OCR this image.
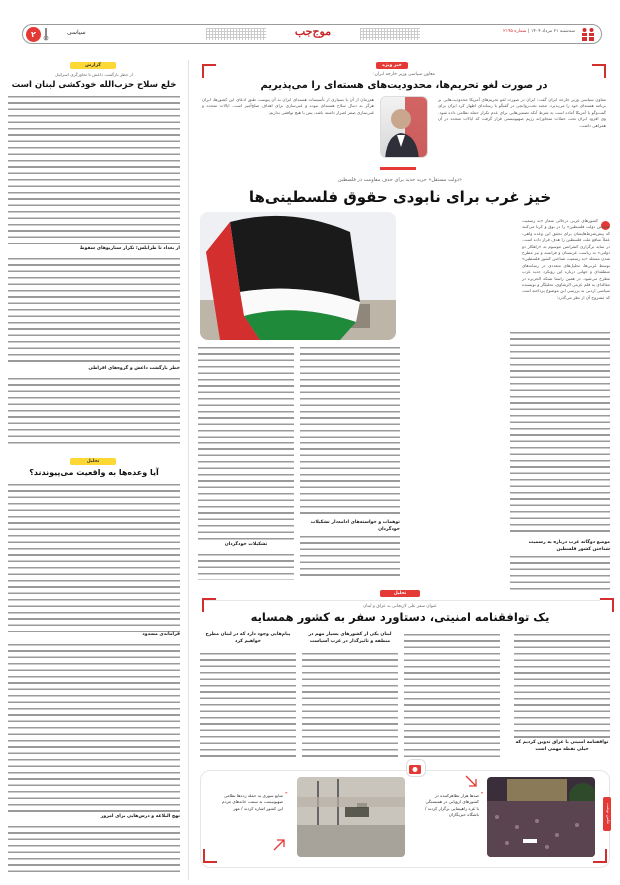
سه‌شنبه ۲۱ مرداد ۱۴۰۴ | شماره ۲۱۹۵
موج‌جب
سیاسی
۲
خبر ویژه
معاون سیاسی وزیر خارجه ایران:
در صورت لغو تحریم‌ها، محدودیت‌های هسته‌ای را می‌پذیریم
معاون سیاسی وزیر خارجه ایران گفت: ایران در صورت لغو تحریم‌های آمریکا محدودیت‌هایی بر برنامه هسته‌ای خود را می‌پذیرد. مجید تخت‌روانچی در گفتگو با رسانه‌ای اظهار کرد ایران برای گفت‌وگو با آمریکا آماده است به شرط آنکه تضمین‌هایی برای عدم تکرار حمله نظامی داده شود. وی افزود ایران تحت حملات متجاوزانه رژیم صهیونیستی قرار گرفت که ایالات متحده در آن همراهی داشت.
هم‌زمان از آن با بسیاری از تأسیسات هسته‌ای ایران به آن پیوست طبق ادعای این کشورها، ایران هرگز به دنبال سلاح هسته‌ای نبوده و غنی‌سازی برای اهداف صلح‌آمیز است. ایالات متحده و غنی‌سازی صفر اصرار داشته باشد، پس با هیچ توافقی نداریم.
«دولت مستقل» حربه جدید برای حذف مقاومت در فلسطین
خیز غرب برای نابودی حقوق فلسطینی‌ها
کشورهای غربی درحالی شعار «به رسمیت شناختن دولت فلسطین» را در بوق و کرنا می‌کنند که پیش‌شرط‌هایشان برای تحقق این وعده واهی، عملاً منافع ملت فلسطین را هدف قرار داده است. در سایه برگزاری کنفرانس موسوم به «راهکار دو دولتی» به ریاست عربستان و فرانسه و نیز مطرح شدن مسئله «به رسمیت شناختن کشور فلسطین» توسط غربی‌ها، تحلیل‌های متعددی در رسانه‌های منطقه‌ای و جهانی درباره این رویکرد جدید غرب مطرح می‌شود. در همین راستا شبکه الجزیره در مقاله‌ای به قلم عزمی الرشاوی، تحلیلگر و نویسنده سیاسی اردنی به بررسی این موضوع پرداخته است که مشروح آن از نظر می‌گذرد:
موضع دوگانه غرب درباره به رسمیت شناختن کشور فلسطین
توهمات و خواسته‌های ادامه‌دار تشکیلات خودگردان
تشکیلات خودگردان
تحلیل
عنوان سفر علی لاریجانی به عراق و لبنان
یک توافقنامه امنیتی، دستاورد سفر به کشور همسایه
توافقنامه امنیتی با عراق تدوین کردیم که خیلی نقطه مهمی است
لبنان یکی از کشورهای بسیار مهم در منطقه و تاثیرگذار در غرب آسیاست
پیام‌هایی وجود دارد که در لبنان مطرح خواهیم کرد
عکس نوشت
❝
صدها هزار تظاهرکننده در کشورهای اروپایی در همبستگی با غزه راهپیمایی برگزار کردند / باشگاه خبرنگاران
❝
منابع سوری به حمله رده‌ها نظامی صهیونیست به سمت خانه‌های مردم این کشور اشاره کردند / مهر
گزارش
از خطر بازگشت داعش تا تجاوزگری اسرائیل
خلع سلاح حزب‌الله خودکشی لبنان است
از بغداد تا طرابلس؛ تکرار سناریوهای سقوط
خطر بازگشت داعش و گروه‌های افراطی
تحلیل
آیا وعده‌ها به واقعیت می‌پیوندند؟
فراماندی مسدود
نهج البلاغه و درس‌هایی برای امروز
